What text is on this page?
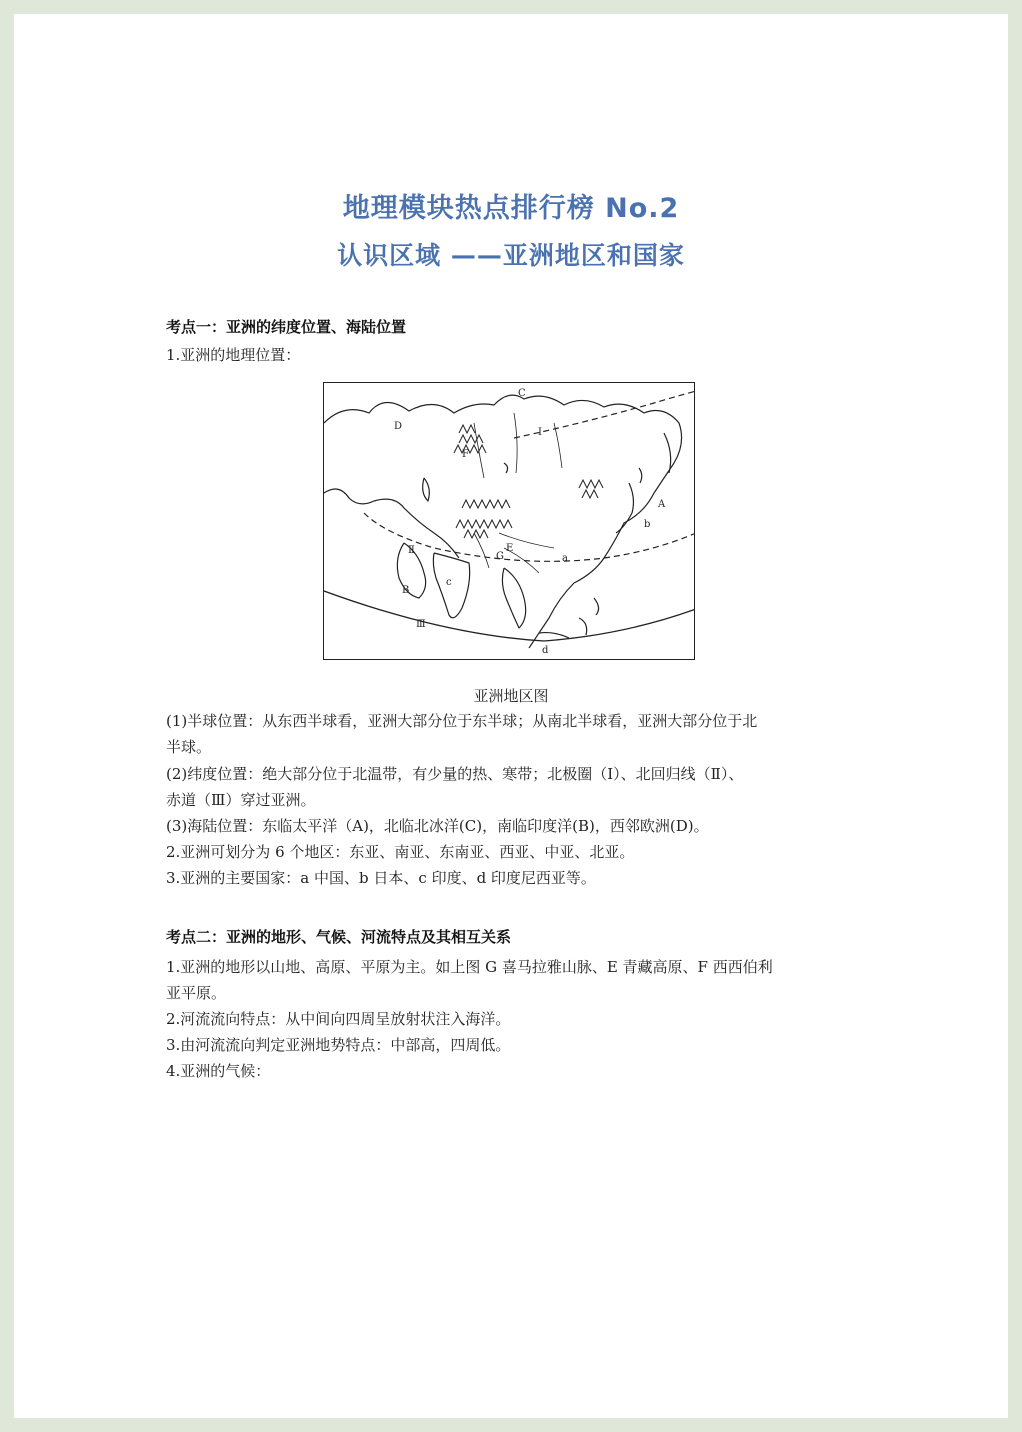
地理模块热点排行榜 No.2
认识区域 ——亚洲地区和国家
考点一：亚洲的纬度位置、海陆位置
1.亚洲的地理位置：
C
Ⅰ
D
F
A
b
Ⅱ	E
G	a
B
c
Ⅲ
d
亚洲地区图
(1)半球位置：从东西半球看，亚洲大部分位于东半球；从南北半球看，亚洲大部分位于北
半球。
(2)纬度位置：绝大部分位于北温带，有少量的热、寒带；北极圈（Ⅰ）、北回归线（Ⅱ）、
赤道（Ⅲ）穿过亚洲。
(3)海陆位置：东临太平洋（A)，北临北冰洋(C)，南临印度洋(B)，西邻欧洲(D)。
2.亚洲可划分为 6 个地区：东亚、南亚、东南亚、西亚、中亚、北亚。
3.亚洲的主要国家：a 中国、b 日本、c 印度、d 印度尼西亚等。
考点二：亚洲的地形、气候、河流特点及其相互关系
1.亚洲的地形以山地、高原、平原为主。如上图 G 喜马拉雅山脉、E 青藏高原、F 西西伯利
亚平原。
2.河流流向特点：从中间向四周呈放射状注入海洋。
3.由河流流向判定亚洲地势特点：中部高，四周低。
4.亚洲的气候：
